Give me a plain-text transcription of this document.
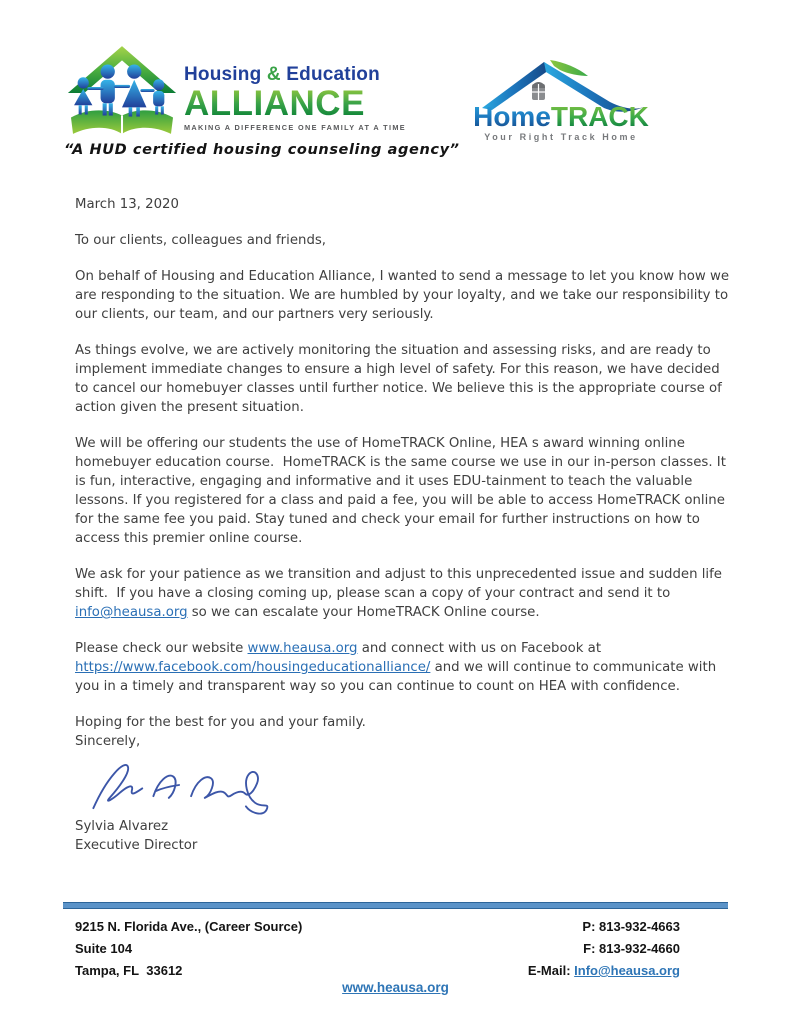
Housing & Education
ALLIANCE
MAKING A DIFFERENCE ONE FAMILY AT A TIME
“A HUD certified housing counseling agency”
HomeTRACK
Your Right Track Home

March 13, 2020

To our clients, colleagues and friends,

On behalf of Housing and Education Alliance, I wanted to send a message to let you know how we are responding to the situation. We are humbled by your loyalty, and we take our responsibility to our clients, our team, and our partners very seriously.

As things evolve, we are actively monitoring the situation and assessing risks, and are ready to implement immediate changes to ensure a high level of safety. For this reason, we have decided to cancel our homebuyer classes until further notice. We believe this is the appropriate course of action given the present situation.

We will be offering our students the use of HomeTRACK Online, HEA s award winning online homebuyer education course.  HomeTRACK is the same course we use in our in-person classes. It is fun, interactive, engaging and informative and it uses EDU-tainment to teach the valuable lessons. If you registered for a class and paid a fee, you will be able to access HomeTRACK online for the same fee you paid. Stay tuned and check your email for further instructions on how to access this premier online course.

We ask for your patience as we transition and adjust to this unprecedented issue and sudden life shift.  If you have a closing coming up, please scan a copy of your contract and send it to info@heausa.org so we can escalate your HomeTRACK Online course.

Please check our website www.heausa.org and connect with us on Facebook at https://www.facebook.com/housingeducationalliance/ and we will continue to communicate with you in a timely and transparent way so you can continue to count on HEA with confidence.

Hoping for the best for you and your family.

Sincerely,

Sylvia Alvarez

Executive Director

9215 N. Florida Ave., (Career Source)
Suite 104
Tampa, FL  33612
P: 813-932-4663
F: 813-932-4660
E-Mail: Info@heausa.org
www.heausa.org
